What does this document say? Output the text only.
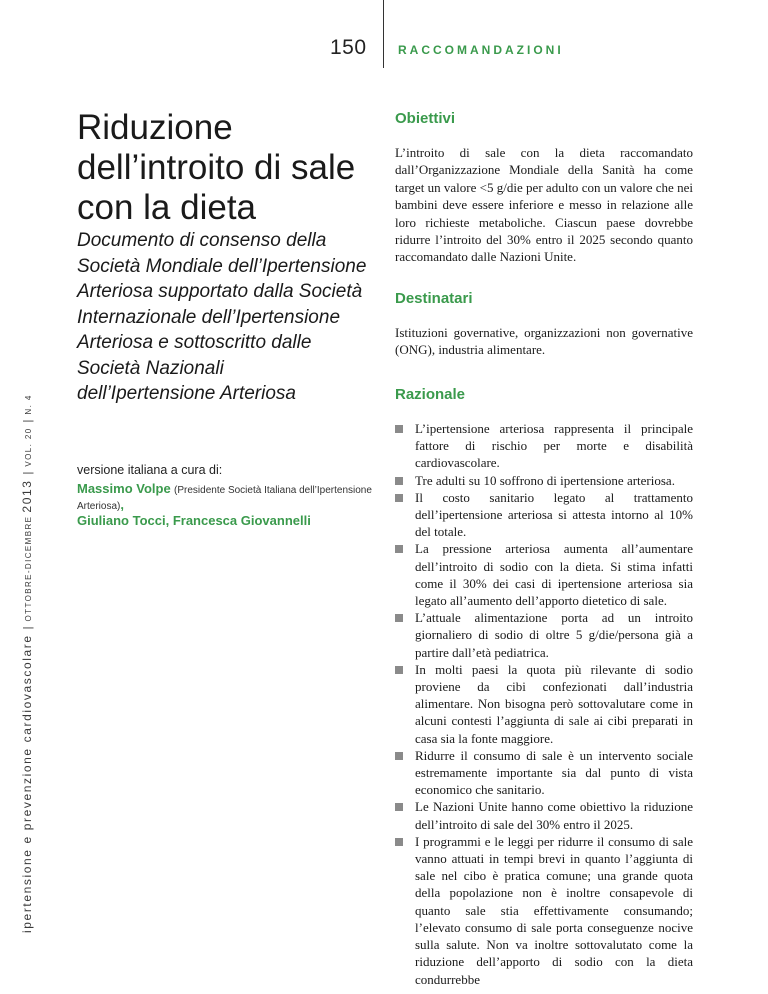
150	RACCOMANDAZIONI
ipertensione e prevenzione cardiovascolare|OTTOBRE-DICEMBRE 2013|VOL. 20|N. 4
Riduzione dell’introito di sale con la dieta
Documento di consenso della Società Mondiale dell’Ipertensione Arteriosa supportato dalla Società Internazionale dell’Ipertensione Arteriosa e sottoscritto dalle Società Nazionali dell’Ipertensione Arteriosa
versione italiana a cura di:
Massimo Volpe (Presidente Società Italiana dell’Ipertensione Arteriosa),
Giuliano Tocci, Francesca Giovannelli
Obiettivi
L’introito di sale con la dieta raccomandato dall’Organizzazione Mondiale della Sanità ha come target un valore <5 g/die per adulto con un valore che nei bambini deve essere inferiore e messo in relazione alle loro richieste metaboliche. Ciascun paese dovrebbe ridurre l’introito del 30% entro il 2025 secondo quanto raccomandato dalle Nazioni Unite.
Destinatari
Istituzioni governative, organizzazioni non governative (ONG), industria alimentare.
Razionale
L’ipertensione arteriosa rappresenta il principale fattore di rischio per morte e disabilità cardiovascolare.
Tre adulti su 10 soffrono di ipertensione arteriosa.
Il costo sanitario legato al trattamento dell’ipertensione arteriosa si attesta intorno al 10% del totale.
La pressione arteriosa aumenta all’aumentare dell’introito di sodio con la dieta. Si stima infatti come il 30% dei casi di ipertensione arteriosa sia legato all’aumento dell’apporto dietetico di sale.
L’attuale alimentazione porta ad un introito giornaliero di sodio di oltre 5 g/die/persona già a partire dall’età pediatrica.
In molti paesi la quota più rilevante di sodio proviene da cibi confezionati dall’industria alimentare. Non bisogna però sottovalutare come in alcuni contesti l’aggiunta di sale ai cibi preparati in casa sia la fonte maggiore.
Ridurre il consumo di sale è un intervento sociale estremamente importante sia dal punto di vista economico che sanitario.
Le Nazioni Unite hanno come obiettivo la riduzione dell’introito di sale del 30% entro il 2025.
I programmi e le leggi per ridurre il consumo di sale vanno attuati in tempi brevi in quanto l’aggiunta di sale nel cibo è pratica comune; una grande quota della popolazione non è inoltre consapevole di quanto sale stia effettivamente consumando; l’elevato consumo di sale porta conseguenze nocive sulla salute. Non va inoltre sottovalutato come la riduzione dell’apporto di sodio con la dieta condurrebbe
